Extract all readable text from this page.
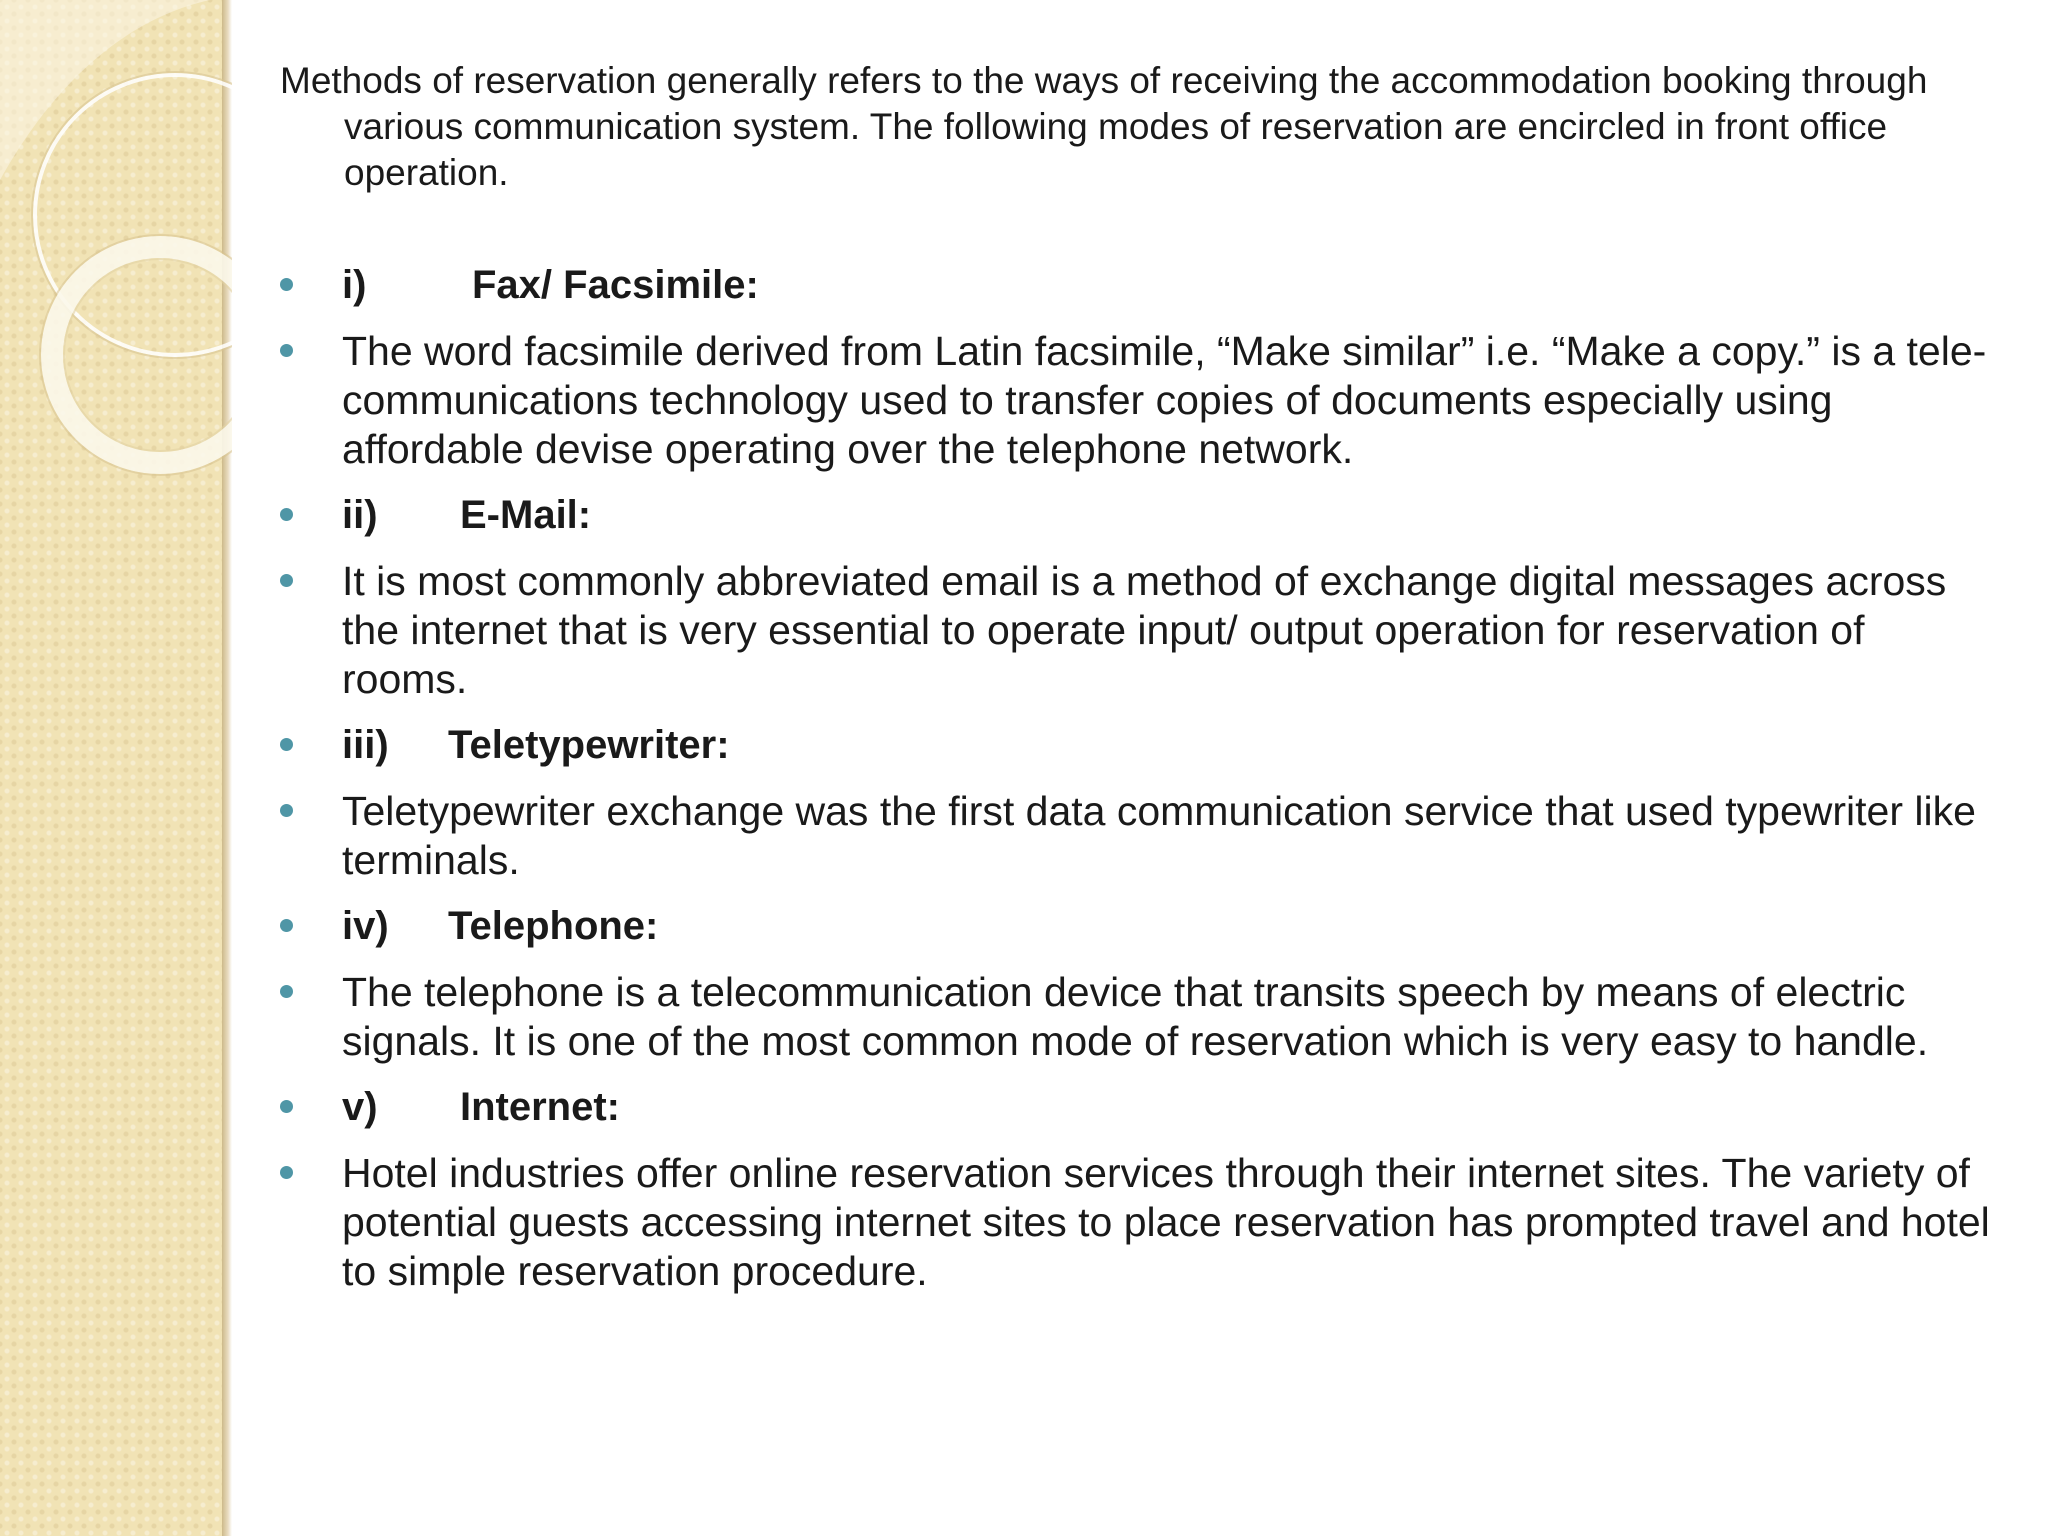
Methods of reservation generally refers to the ways of receiving the accommodation booking through various communication system. The following modes of reservation are encircled in front office operation.

i)	Fax/ Facsimile:
The word facsimile derived from Latin facsimile, “Make similar” i.e. “Make a copy.” is a tele-communications technology used to transfer copies of documents especially using affordable devise operating over the telephone network.
ii) E-Mail:
It is most commonly abbreviated email is a method of exchange digital messages across the internet that is very essential to operate input/ output operation for reservation of rooms.
iii) Teletypewriter:
Teletypewriter exchange was the first data communication service that used typewriter like terminals.
iv) Telephone:
The telephone is a telecommunication device that transits speech by means of electric signals. It is one of the most common mode of reservation which is very easy to handle.
v) Internet:
Hotel industries offer online reservation services through their internet sites. The variety of potential guests accessing internet sites to place reservation has prompted travel and hotel to simple reservation procedure.
